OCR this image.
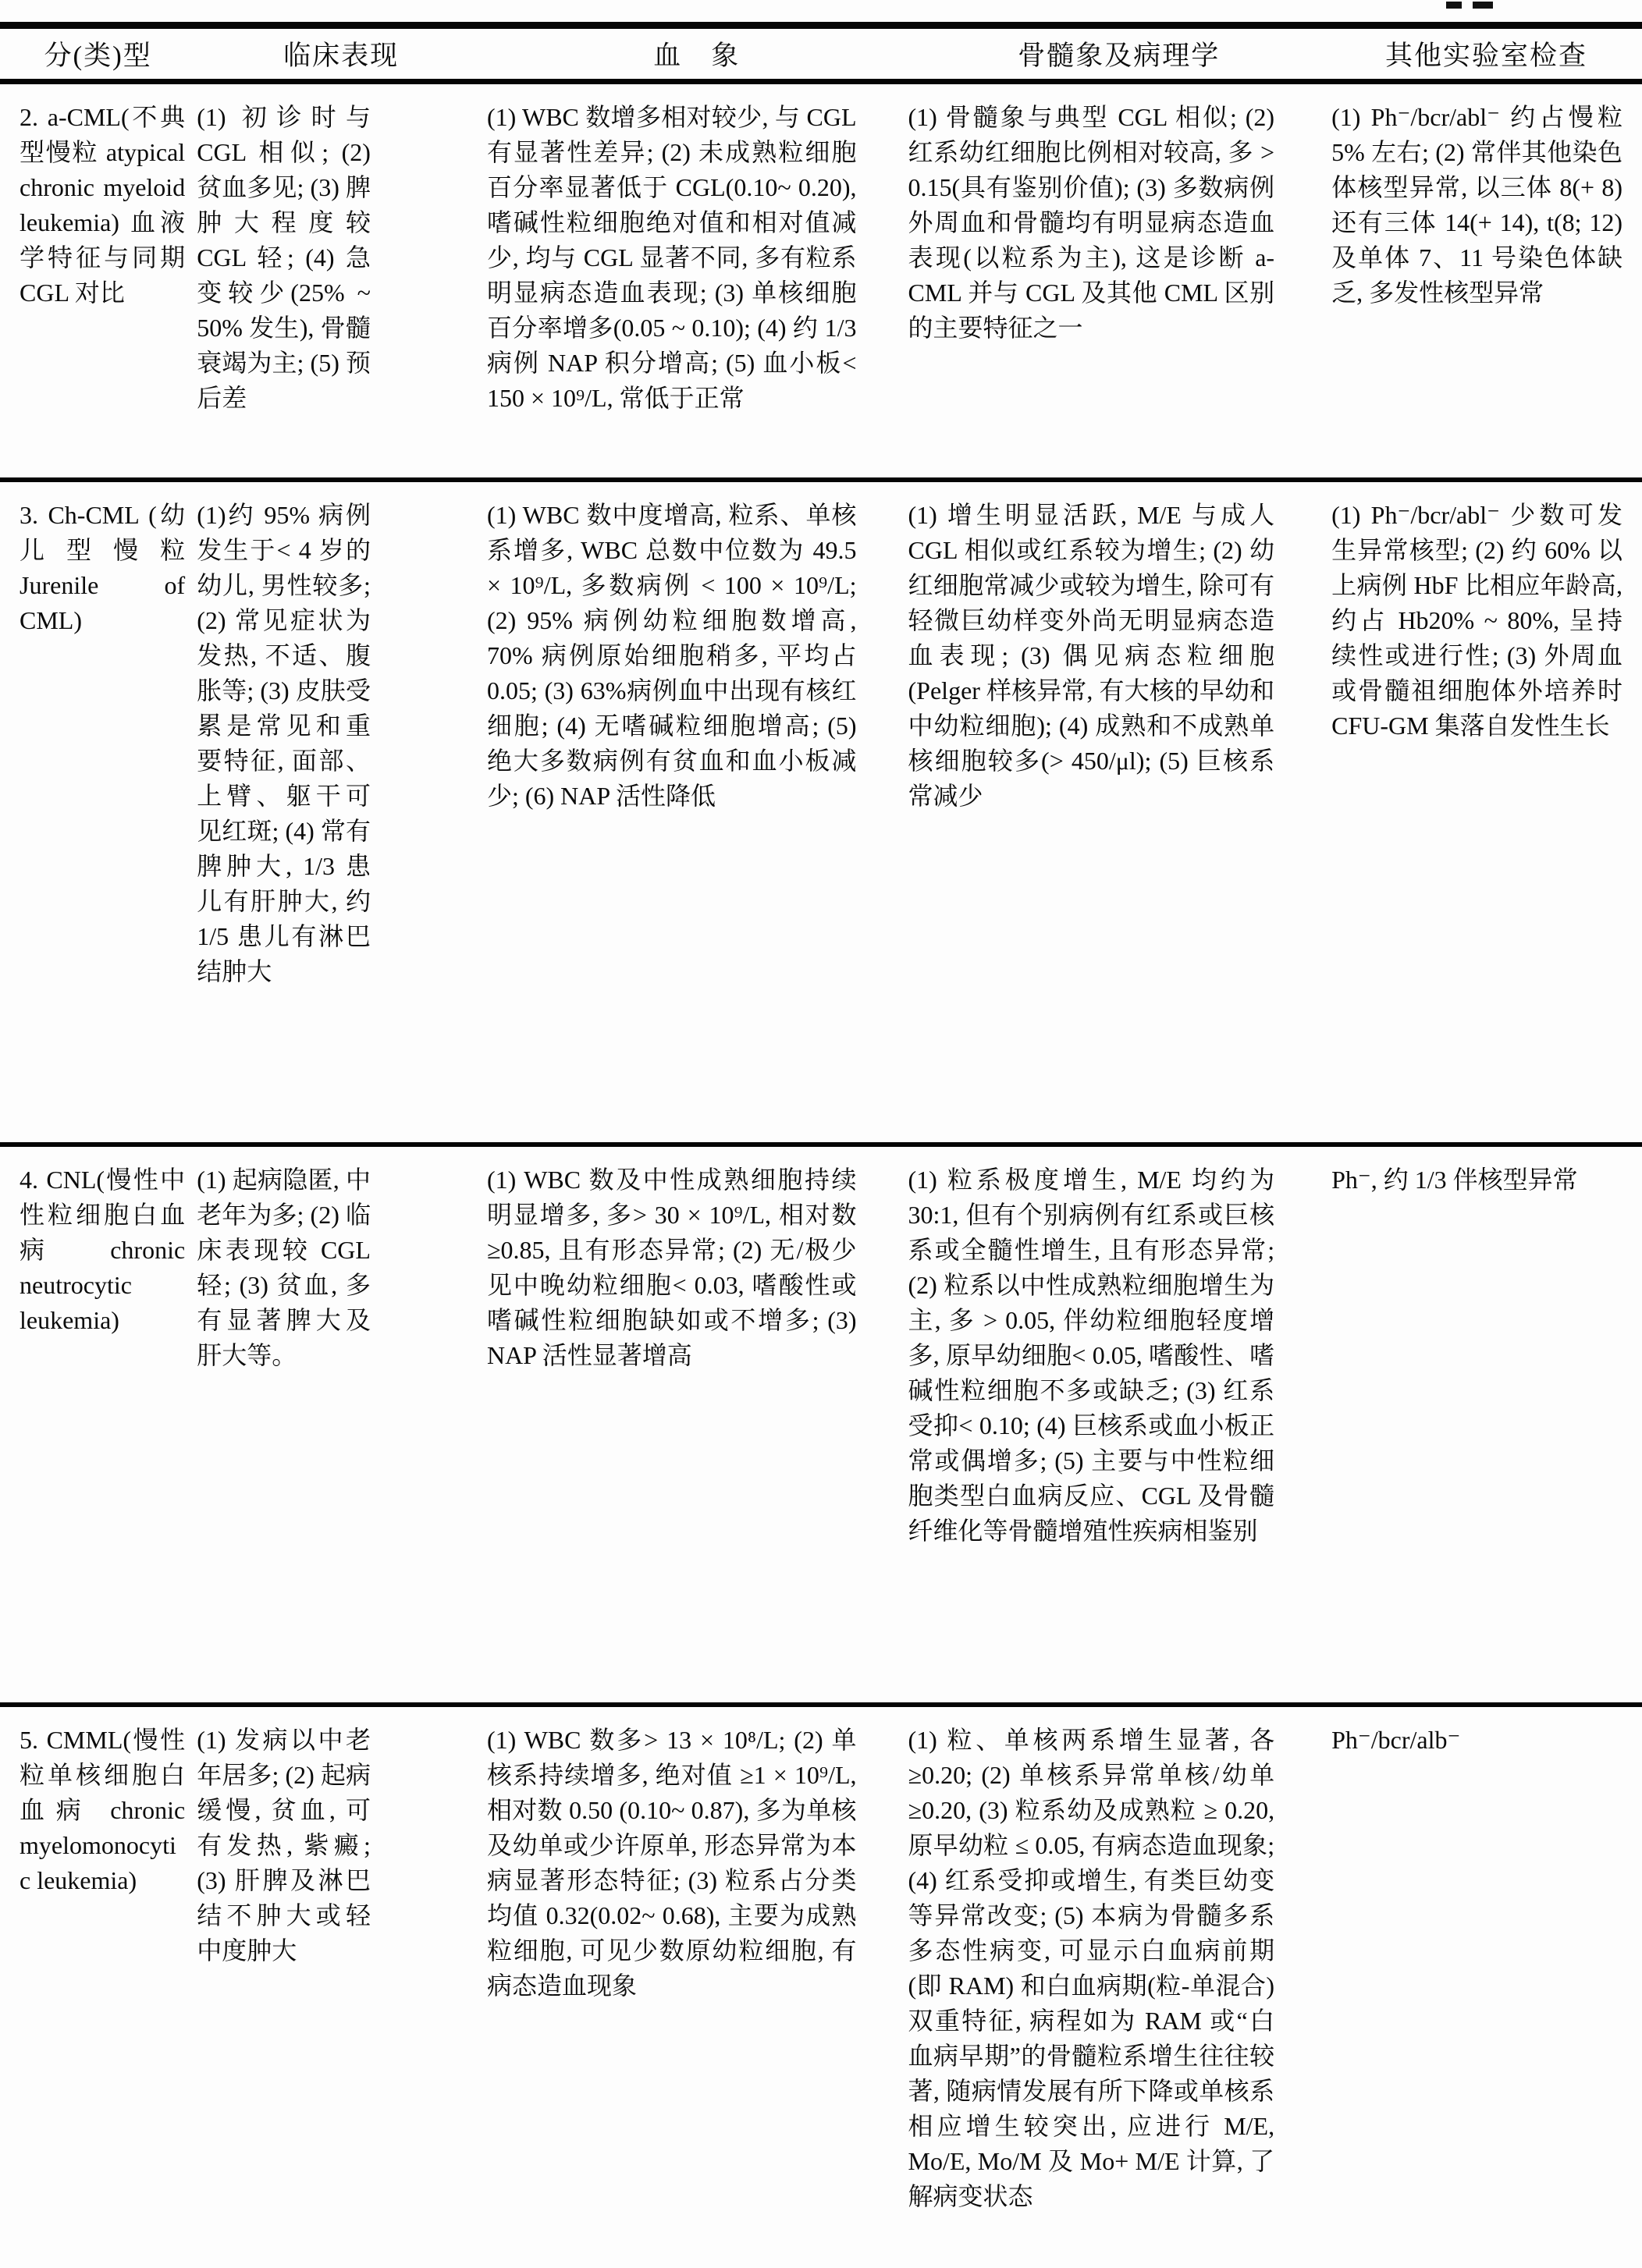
分(类)型	临床表现	血　象	骨髓象及病理学	其他实验室检查
2. a-CML(不典型慢粒 atypical chronic myeloid leukemia) 血液学特征与同期 CGL 对比	(1) 初诊时与 CGL 相似; (2) 贫血多见; (3) 脾肿大程度较 CGL 轻; (4) 急变较少(25% ~ 50% 发生), 骨髓衰竭为主; (5) 预后差	(1) WBC 数增多相对较少, 与 CGL 有显著性差异; (2) 未成熟粒细胞百分率显著低于 CGL(0.10~ 0.20), 嗜碱性粒细胞绝对值和相对值减少, 均与 CGL 显著不同, 多有粒系明显病态造血表现; (3) 单核细胞百分率增多(0.05 ~ 0.10); (4) 约 1/3 病例 NAP 积分增高; (5) 血小板< 150 × 10⁹/L, 常低于正常	(1) 骨髓象与典型 CGL 相似; (2) 红系幼红细胞比例相对较高, 多 > 0.15(具有鉴别价值); (3) 多数病例外周血和骨髓均有明显病态造血表现(以粒系为主), 这是诊断 a-CML 并与 CGL 及其他 CML 区别的主要特征之一	(1) Ph⁻/bcr/abl⁻ 约占慢粒 5% 左右; (2) 常伴其他染色体核型异常, 以三体 8(+ 8) 还有三体 14(+ 14), t(8; 12) 及单体 7、11 号染色体缺乏, 多发性核型异常
3. Ch-CML (幼儿型慢粒 Jurenile of CML)	(1)约 95% 病例发生于< 4 岁的幼儿, 男性较多; (2) 常见症状为发热, 不适、腹胀等; (3) 皮肤受累是常见和重要特征, 面部、上臂、躯干可见红斑; (4) 常有脾肿大, 1/3 患儿有肝肿大, 约 1/5 患儿有淋巴结肿大	(1) WBC 数中度增高, 粒系、单核系增多, WBC 总数中位数为 49.5 × 10⁹/L, 多数病例 < 100 × 10⁹/L; (2) 95% 病例幼粒细胞数增高, 70% 病例原始细胞稍多, 平均占 0.05; (3) 63%病例血中出现有核红细胞; (4) 无嗜碱粒细胞增高; (5) 绝大多数病例有贫血和血小板减少; (6) NAP 活性降低	(1) 增生明显活跃, M/E 与成人 CGL 相似或红系较为增生; (2) 幼红细胞常减少或较为增生, 除可有轻微巨幼样变外尚无明显病态造血表现; (3) 偶见病态粒细胞(Pelger 样核异常, 有大核的早幼和中幼粒细胞); (4) 成熟和不成熟单核细胞较多(> 450/μl); (5) 巨核系常减少	(1) Ph⁻/bcr/abl⁻ 少数可发生异常核型; (2) 约 60% 以上病例 HbF 比相应年龄高, 约占 Hb20% ~ 80%, 呈持续性或进行性; (3) 外周血或骨髓祖细胞体外培养时 CFU-GM 集落自发性生长
4. CNL(慢性中性粒细胞白血病 chronic neutrocytic leukemia)	(1) 起病隐匿, 中老年为多; (2) 临床表现较 CGL 轻; (3) 贫血, 多有显著脾大及肝大等。	(1) WBC 数及中性成熟细胞持续明显增多, 多> 30 × 10⁹/L, 相对数 ≥0.85, 且有形态异常; (2) 无/极少见中晚幼粒细胞< 0.03, 嗜酸性或嗜碱性粒细胞缺如或不增多; (3) NAP 活性显著增高	(1) 粒系极度增生, M/E 均约为 30:1, 但有个别病例有红系或巨核系或全髓性增生, 且有形态异常; (2) 粒系以中性成熟粒细胞增生为主, 多 > 0.05, 伴幼粒细胞轻度增多, 原早幼细胞< 0.05, 嗜酸性、嗜碱性粒细胞不多或缺乏; (3) 红系受抑< 0.10; (4) 巨核系或血小板正常或偶增多; (5) 主要与中性粒细胞类型白血病反应、CGL 及骨髓纤维化等骨髓增殖性疾病相鉴别	Ph⁻, 约 1/3 伴核型异常
5. CMML(慢性粒单核细胞白血病 chronic myelomonocytic leukemia)	(1) 发病以中老年居多; (2) 起病缓慢, 贫血, 可有发热, 紫癜; (3) 肝脾及淋巴结不肿大或轻中度肿大	(1) WBC 数多> 13 × 10⁸/L; (2) 单核系持续增多, 绝对值 ≥1 × 10⁹/L, 相对数 0.50 (0.10~ 0.87), 多为单核及幼单或少许原单, 形态异常为本病显著形态特征; (3) 粒系占分类均值 0.32(0.02~ 0.68), 主要为成熟粒细胞, 可见少数原幼粒细胞, 有病态造血现象	(1) 粒、单核两系增生显著, 各 ≥0.20; (2) 单核系异常单核/幼单 ≥0.20, (3) 粒系幼及成熟粒 ≥ 0.20, 原早幼粒 ≤ 0.05, 有病态造血现象; (4) 红系受抑或增生, 有类巨幼变等异常改变; (5) 本病为骨髓多系多态性病变, 可显示白血病前期(即 RAM) 和白血病期(粒-单混合) 双重特征, 病程如为 RAM 或“白血病早期”的骨髓粒系增生往往较著, 随病情发展有所下降或单核系相应增生较突出, 应进行 M/E, Mo/E, Mo/M 及 Mo+ M/E 计算, 了解病变状态	Ph⁻/bcr/alb⁻
